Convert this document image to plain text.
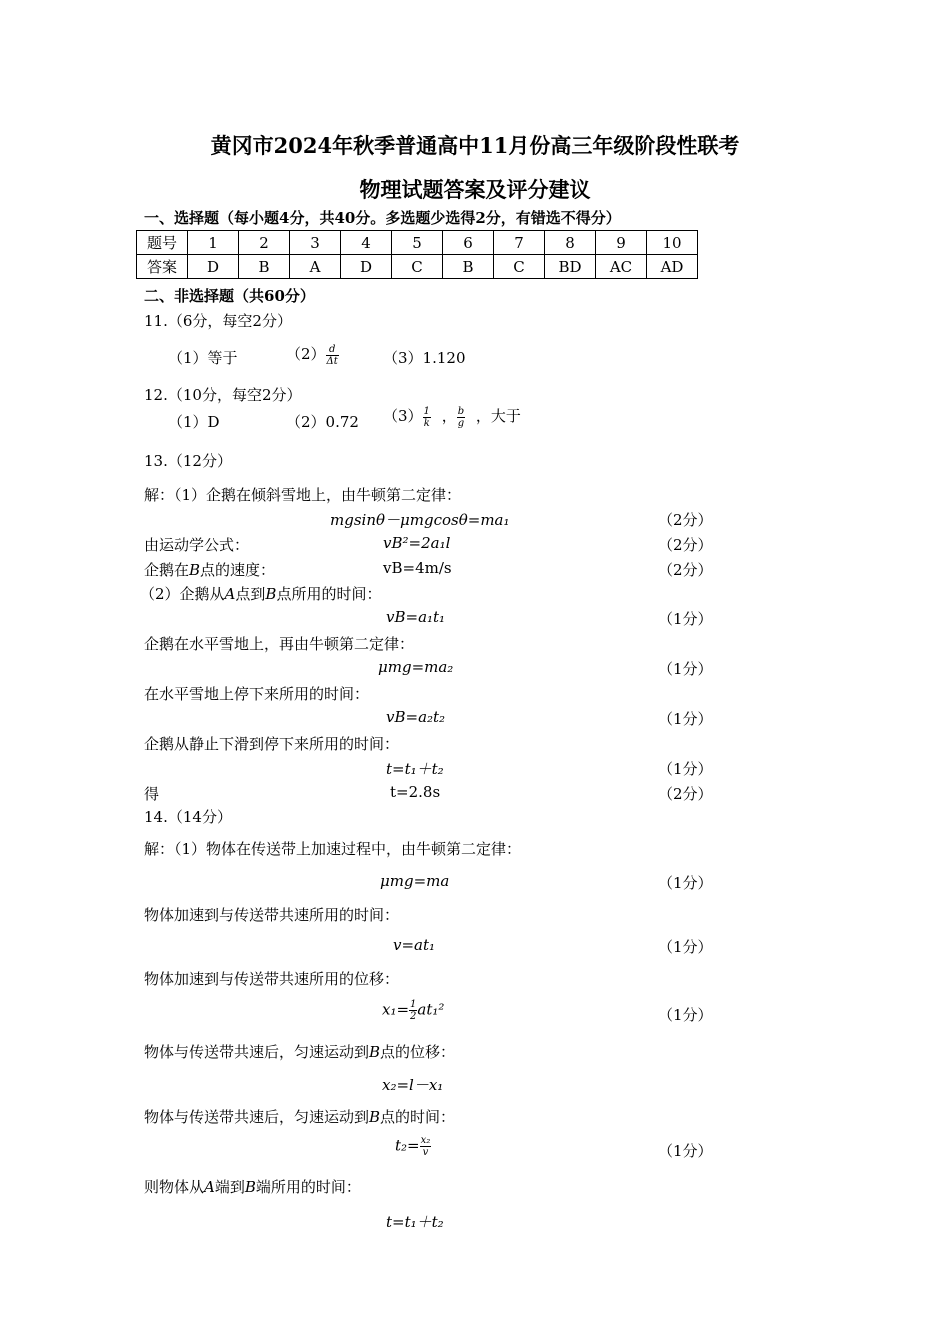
黄冈市2024年秋季普通高中11月份高三年级阶段性联考
物理试题答案及评分建议
一、选择题（每小题4分，共40分。多选题少选得2分，有错选不得分）
题号	1	2	3	4	5	6	7	8	9	10
答案	D	B	A	D	C	B	C	BD	AC	AD
二、非选择题（共60分）
11.（6分，每空2分）
（1）等于	$(2) \frac{d}{\Delta t}$	（3）1.120
12.（10分，每空2分）
（1）D	（2）0.72 $(3) \frac{1}{k}$ ， $\frac{b}{g}$ ，大于
13.（12分）
解：（1）企鹅在倾斜雪地上，由牛顿第二定律：
mgsinθ－μmgcosθ=ma₁	（2分）
由运动学公式：	vB²=2a₁l	（2分）
企鹅在B点的速度：	vB=4m/s	（2分）
（2）企鹅从A点到B点所用的时间：
vB=a₁t₁	（1分）
企鹅在水平雪地上，再由牛顿第二定律：
μmg=ma₂	（1分）
在水平雪地上停下来所用的时间：
vB=a₂t₂	（1分）
企鹅从静止下滑到停下来所用的时间：
t=t₁＋t₂	（1分）
得	t=2.8s	（2分）
14.（14分）
解：（1）物体在传送带上加速过程中，由牛顿第二定律：
μmg=ma	（1分）
物体加速到与传送带共速所用的时间：
v=at₁	（1分）
物体加速到与传送带共速所用的位移：
$x_1= \frac{1}{2} at_1^2$	（1分）
物体与传送带共速后，匀速运动到B点的位移：
x₂=l－x₁
物体与传送带共速后，匀速运动到B点的时间：
$t_2= \frac{\text{x₂}}{v}$	（1分）
则物体从A端到B端所用的时间：
t=t₁＋t₂
